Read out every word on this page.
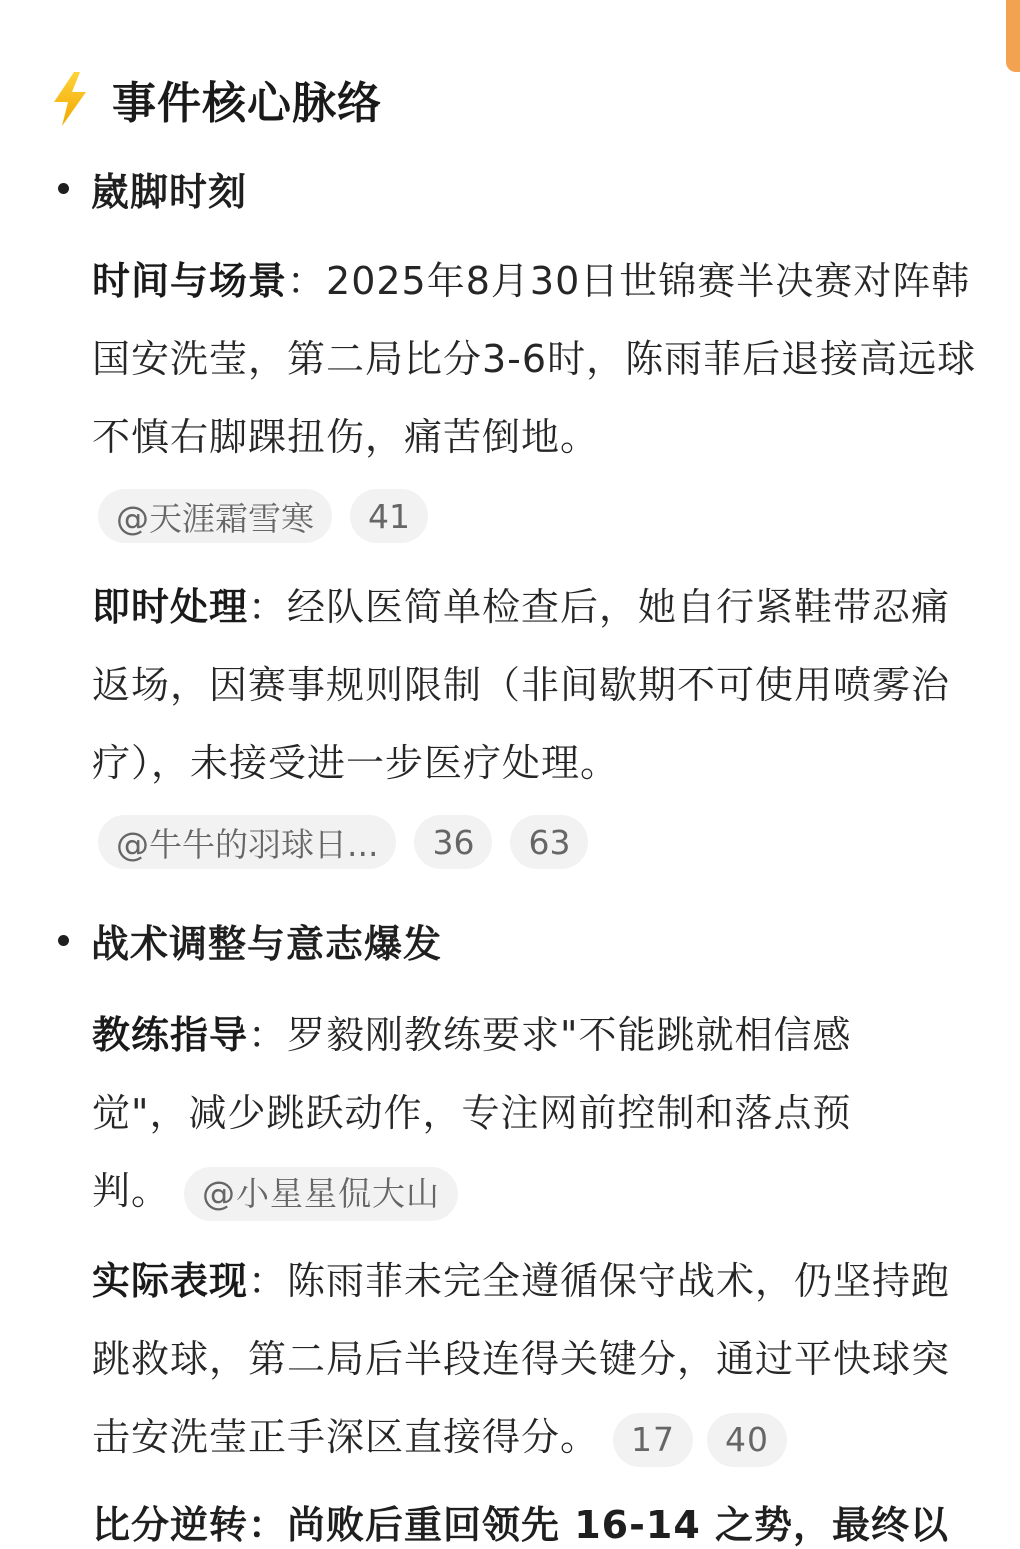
事件核心脉络
崴脚时刻
时间与场景：2025年8月30日世锦赛半决赛对阵韩国安洗莹，第二局比分3-6时，陈雨菲后退接高远球不慎右脚踝扭伤，痛苦倒地。
@天涯霜雪寒	41
即时处理：经队医简单检查后，她自行紧鞋带忍痛返场，因赛事规则限制（非间歇期不可使用喷雾治疗），未接受进一步医疗处理。
@牛牛的羽球日...	36	63
战术调整与意志爆发
教练指导：罗毅刚教练要求"不能跳就相信感觉"，减少跳跃动作，专注网前控制和落点预判。 @小星星侃大山
实际表现：陈雨菲未完全遵循保守战术，仍坚持跑跳救球，第二局后半段连得关键分，通过平快球突击安洗莹正手深区直接得分。 17 40
比分逆转：尚败后重回领先 16-14 之势，最终以
